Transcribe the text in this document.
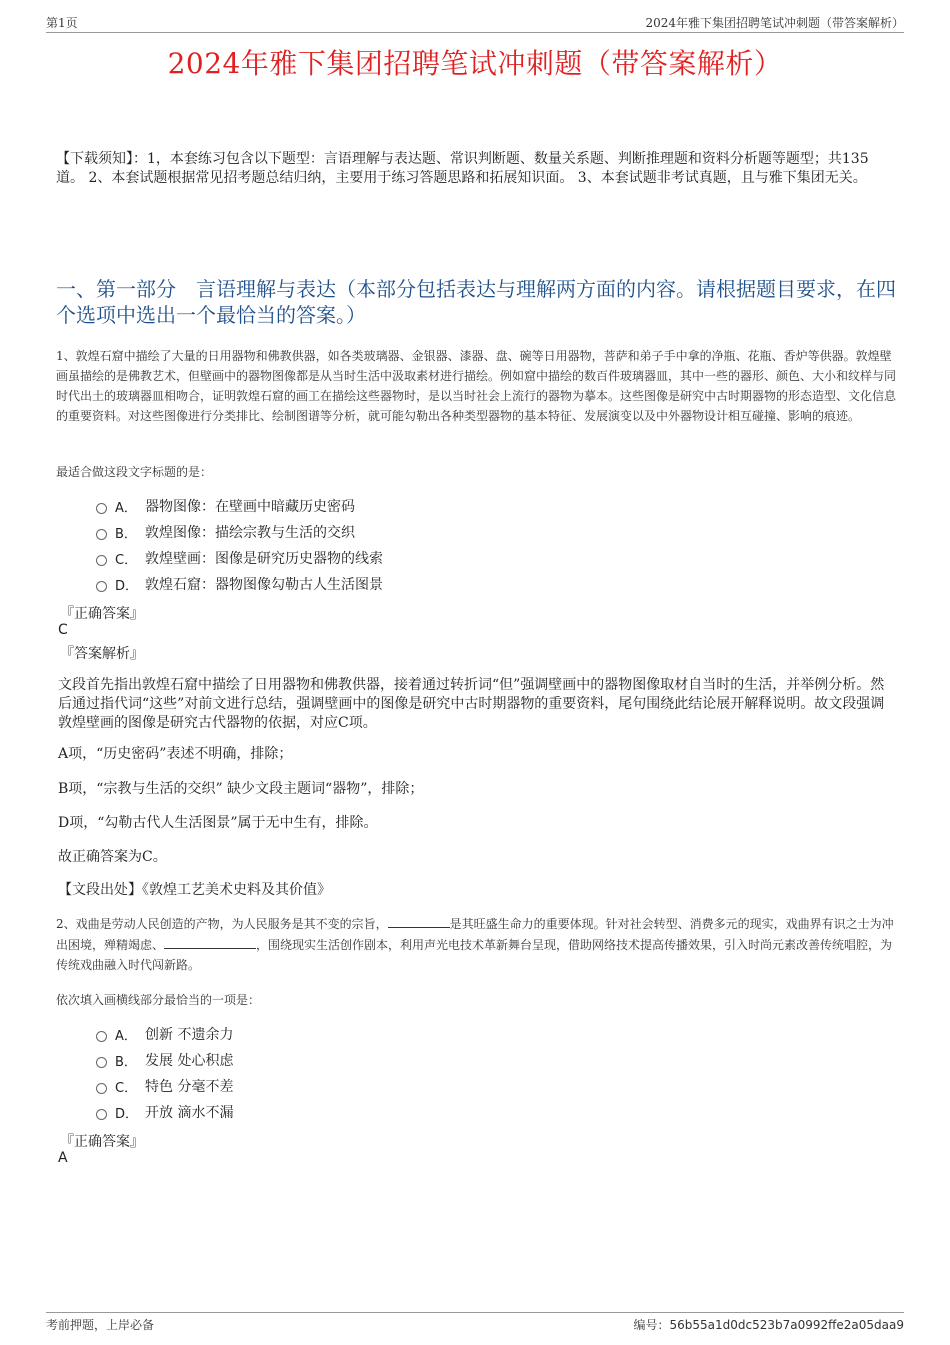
第1页	2024年雅下集团招聘笔试冲刺题（带答案解析）
2024年雅下集团招聘笔试冲刺题（带答案解析）
【下载须知】：1，本套练习包含以下题型：言语理解与表达题、常识判断题、数量关系题、判断推理题和资料分析题等题型；共135道。 2、本套试题根据常见招考题总结归纳，主要用于练习答题思路和拓展知识面。 3、本套试题非考试真题，且与雅下集团无关。
一、第一部分　言语理解与表达（本部分包括表达与理解两方面的内容。请根据题目要求，在四个选项中选出一个最恰当的答案。）
1、敦煌石窟中描绘了大量的日用器物和佛教供器，如各类玻璃器、金银器、漆器、盘、碗等日用器物，菩萨和弟子手中拿的净瓶、花瓶、香炉等供器。敦煌壁画虽描绘的是佛教艺术，但壁画中的器物图像都是从当时生活中汲取素材进行描绘。例如窟中描绘的数百件玻璃器皿，其中一些的器形、颜色、大小和纹样与同时代出土的玻璃器皿相吻合，证明敦煌石窟的画工在描绘这些器物时，是以当时社会上流行的器物为摹本。这些图像是研究中古时期器物的形态造型、文化信息的重要资料。对这些图像进行分类排比、绘制图谱等分析，就可能勾勒出各种类型器物的基本特征、发展演变以及中外器物设计相互碰撞、影响的痕迹。
最适合做这段文字标题的是：
A． 器物图像：在壁画中暗藏历史密码
B． 敦煌图像：描绘宗教与生活的交织
C． 敦煌壁画：图像是研究历史器物的线索
D． 敦煌石窟：器物图像勾勒古人生活图景
『正确答案』
C
『答案解析』
文段首先指出敦煌石窟中描绘了日用器物和佛教供器，接着通过转折词“但”强调壁画中的器物图像取材自当时的生活，并举例分析。然后通过指代词“这些”对前文进行总结，强调壁画中的图像是研究中古时期器物的重要资料，尾句围绕此结论展开解释说明。故文段强调敦煌壁画的图像是研究古代器物的依据，对应C项。
A项，“历史密码”表述不明确，排除；
B项，“宗教与生活的交织” 缺少文段主题词“器物”，排除；
D项，“勾勒古代人生活图景”属于无中生有，排除。
故正确答案为C。
【文段出处】《敦煌工艺美术史料及其价值》
2、戏曲是劳动人民创造的产物，为人民服务是其不变的宗旨，	是其旺盛生命力的重要体现。针对社会转型、消费多元的现实，戏曲界有识之士为冲出困境，殚精竭虑、	，围绕现实生活创作剧本，利用声光电技术革新舞台呈现，借助网络技术提高传播效果，引入时尚元素改善传统唱腔，为传统戏曲融入时代闯新路。
依次填入画横线部分最恰当的一项是：
A． 创新 不遗余力
B． 发展 处心积虑
C． 特色 分毫不差
D． 开放 滴水不漏
『正确答案』
A
考前押题，上岸必备	编号：56b55a1d0dc523b7a0992ffe2a05daa9
